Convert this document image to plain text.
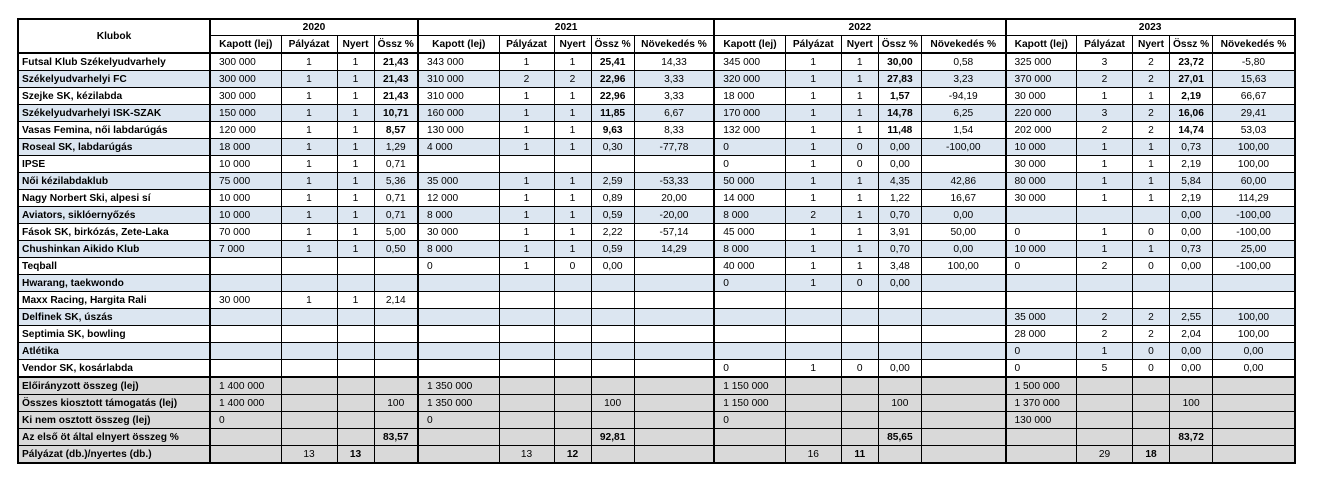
Klubok	2020				2021					2022					2023				
	Kapott (lej)	Pályázat	Nyert	Össz %	Kapott (lej)	Pályázat	Nyert	Össz %	Növekedés %	Kapott (lej)	Pályázat	Nyert	Össz %	Növekedés %	Kapott (lej)	Pályázat	Nyert	Össz %	Növekedés %
Futsal Klub Székelyudvarhely	300 000	1	1	21,43	343 000	1	1	25,41	14,33	345 000	1	1	30,00	0,58	325 000	3	2	23,72	-5,80
Székelyudvarhelyi FC	300 000	1	1	21,43	310 000	2	2	22,96	3,33	320 000	1	1	27,83	3,23	370 000	2	2	27,01	15,63
Szejke SK, kézilabda	300 000	1	1	21,43	310 000	1	1	22,96	3,33	18 000	1	1	1,57	-94,19	30 000	1	1	2,19	66,67
Székelyudvarhelyi ISK-SZAK	150 000	1	1	10,71	160 000	1	1	11,85	6,67	170 000	1	1	14,78	6,25	220 000	3	2	16,06	29,41
Vasas Femina, női labdarúgás	120 000	1	1	8,57	130 000	1	1	9,63	8,33	132 000	1	1	11,48	1,54	202 000	2	2	14,74	53,03
Roseal SK, labdarúgás	18 000	1	1	1,29	4 000	1	1	0,30	-77,78	0	1	0	0,00	-100,00	10 000	1	1	0,73	100,00
IPSE	10 000	1	1	0,71						0	1	0	0,00		30 000	1	1	2,19	100,00
Női kézilabdaklub	75 000	1	1	5,36	35 000	1	1	2,59	-53,33	50 000	1	1	4,35	42,86	80 000	1	1	5,84	60,00
Nagy Norbert Ski, alpesi sí	10 000	1	1	0,71	12 000	1	1	0,89	20,00	14 000	1	1	1,22	16,67	30 000	1	1	2,19	114,29
Aviators, siklóernyőzés	10 000	1	1	0,71	8 000	1	1	0,59	-20,00	8 000	2	1	0,70	0,00				0,00	-100,00
Fások SK, birkózás, Zete-Laka	70 000	1	1	5,00	30 000	1	1	2,22	-57,14	45 000	1	1	3,91	50,00	0	1	0	0,00	-100,00
Chushinkan Aikido Klub	7 000	1	1	0,50	8 000	1	1	0,59	14,29	8 000	1	1	0,70	0,00	10 000	1	1	0,73	25,00
Teqball					0	1	0	0,00		40 000	1	1	3,48	100,00	0	2	0	0,00	-100,00
Hwarang, taekwondo										0	1	0	0,00						
Maxx Racing, Hargita Rali	30 000	1	1	2,14															
Delfinek SK, úszás															35 000	2	2	2,55	100,00
Septimia SK, bowling															28 000	2	2	2,04	100,00
Atlétika															0	1	0	0,00	0,00
Vendor SK, kosárlabda										0	1	0	0,00		0	5	0	0,00	0,00
Előirányzott összeg (lej)	1 400 000				1 350 000					1 150 000					1 500 000				
Összes kiosztott támogatás (lej)	1 400 000			100	1 350 000			100		1 150 000			100		1 370 000			100	
Ki nem osztott összeg (lej)	0				0					0					130 000				
Az első öt által elnyert összeg %				83,57				92,81					85,65					83,72	
Pályázat (db.)/nyertes (db.)		13	13			13	12				16	11				29	18		
